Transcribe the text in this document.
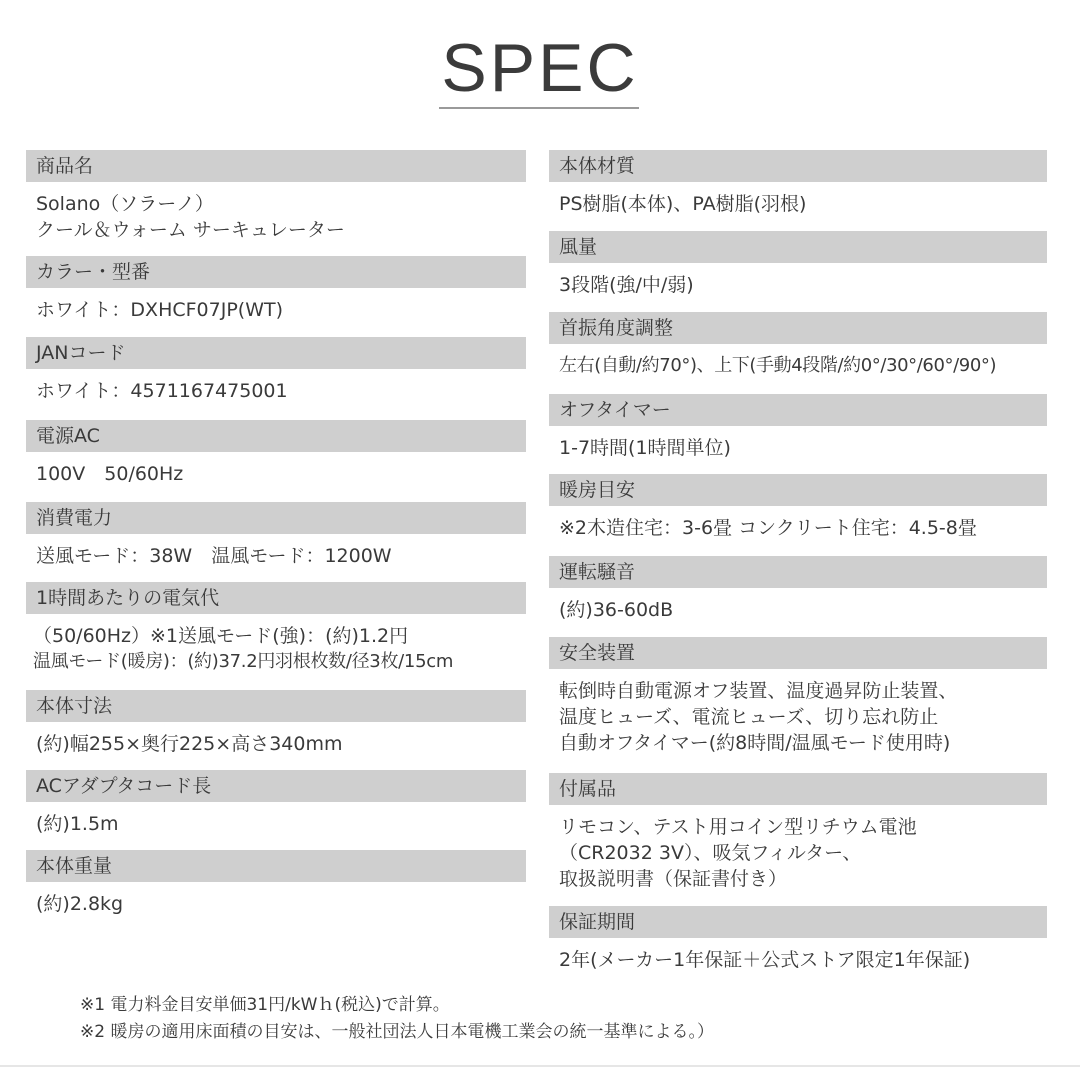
SPEC
商品名
Solano（ソラーノ）
クール＆ウォーム サーキュレーター
カラー・型番
ホワイト：DXHCF07JP(WT)
JANコード
ホワイト：4571167475001
電源AC
100V　50/60Hz
消費電力
送風モード：38W　温風モード：1200W
1時間あたりの電気代
（50/60Hz）※1送風モード(強)：(約)1.2円
温風モード(暖房)：(約)37.2円羽根枚数/径3枚/15cm
本体寸法
(約)幅255×奥行225×高さ340mm
ACアダプタコード長
(約)1.5m
本体重量
(約)2.8kg
本体材質
PS樹脂(本体)、PA樹脂(羽根)
風量
3段階(強/中/弱)
首振角度調整
左右(自動/約70°)、上下(手動4段階/約0°/30°/60°/90°)
オフタイマー
1-7時間(1時間単位)
暖房目安
※2木造住宅：3-6畳 コンクリート住宅：4.5-8畳
運転騒音
(約)36-60dB
安全装置
転倒時自動電源オフ装置、温度過昇防止装置、
温度ヒューズ、電流ヒューズ、切り忘れ防止
自動オフタイマー(約8時間/温風モード使用時)
付属品
リモコン、テスト用コイン型リチウム電池
（CR2032 3V）、吸気フィルター、
取扱説明書（保証書付き）
保証期間
2年(メーカー1年保証＋公式ストア限定1年保証)
※1 電力料金目安単価31円/kWｈ(税込)で計算。
※2 暖房の適用床面積の目安は、一般社団法人日本電機工業会の統一基準による。）
